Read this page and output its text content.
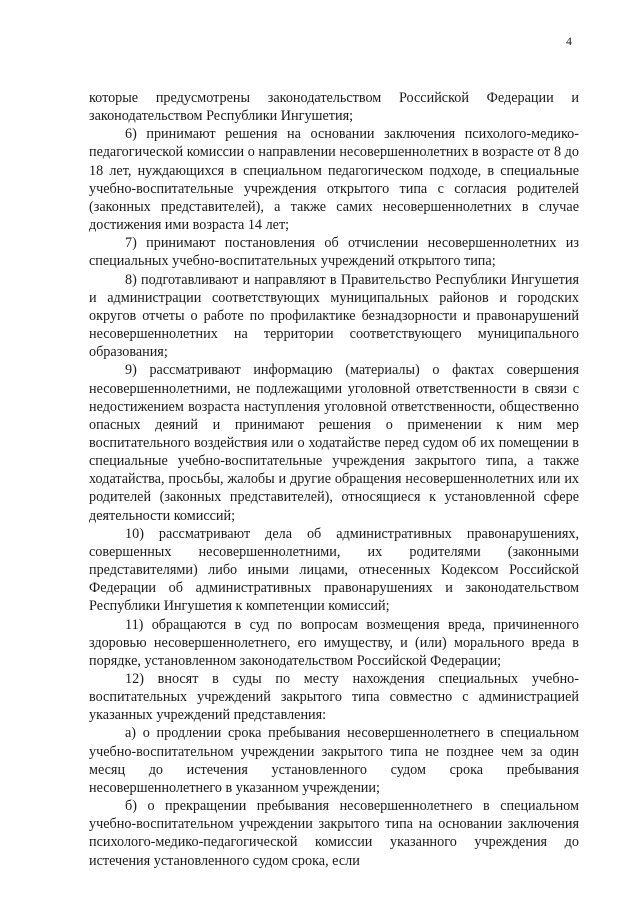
4

которые предусмотрены законодательством Российской Федерации и законодательством Республики Ингушетия;

6) принимают решения на основании заключения психолого-медико-педагогической комиссии о направлении несовершеннолетних в возрасте от 8 до 18 лет, нуждающихся в специальном педагогическом подходе, в специальные учебно-воспитательные учреждения открытого типа с согласия родителей (законных представителей), а также самих несовершеннолетних в случае достижения ими возраста 14 лет;

7) принимают постановления об отчислении несовершеннолетних из специальных учебно-воспитательных учреждений открытого типа;

8) подготавливают и направляют в Правительство Республики Ингушетия и администрации соответствующих муниципальных районов и городских округов отчеты о работе по профилактике безнадзорности и правонарушений несовершеннолетних на территории соответствующего муниципального образования;

9) рассматривают информацию (материалы) о фактах совершения несовершеннолетними, не подлежащими уголовной ответственности в связи с недостижением возраста наступления уголовной ответственности, общественно опасных деяний и принимают решения о применении к ним мер воспитательного воздействия или о ходатайстве перед судом об их помещении в специальные учебно-воспитательные учреждения закрытого типа, а также ходатайства, просьбы, жалобы и другие обращения несовершеннолетних или их родителей (законных представителей), относящиеся к установленной сфере деятельности комиссий;

10) рассматривают дела об административных правонарушениях, совершенных несовершеннолетними, их родителями (законными представителями) либо иными лицами, отнесенных Кодексом Российской Федерации об административных правонарушениях и законодательством Республики Ингушетия к компетенции комиссий;

11) обращаются в суд по вопросам возмещения вреда, причиненного здоровью несовершеннолетнего, его имуществу, и (или) морального вреда в порядке, установленном законодательством Российской Федерации;

12) вносят в суды по месту нахождения специальных учебно-воспитательных учреждений закрытого типа совместно с администрацией указанных учреждений представления:

а) о продлении срока пребывания несовершеннолетнего в специальном учебно-воспитательном учреждении закрытого типа не позднее чем за один месяц до истечения установленного судом срока пребывания несовершеннолетнего в указанном учреждении;

б) о прекращении пребывания несовершеннолетнего в специальном учебно-воспитательном учреждении закрытого типа на основании заключения психолого-медико-педагогической комиссии указанного учреждения до истечения установленного судом срока, если
